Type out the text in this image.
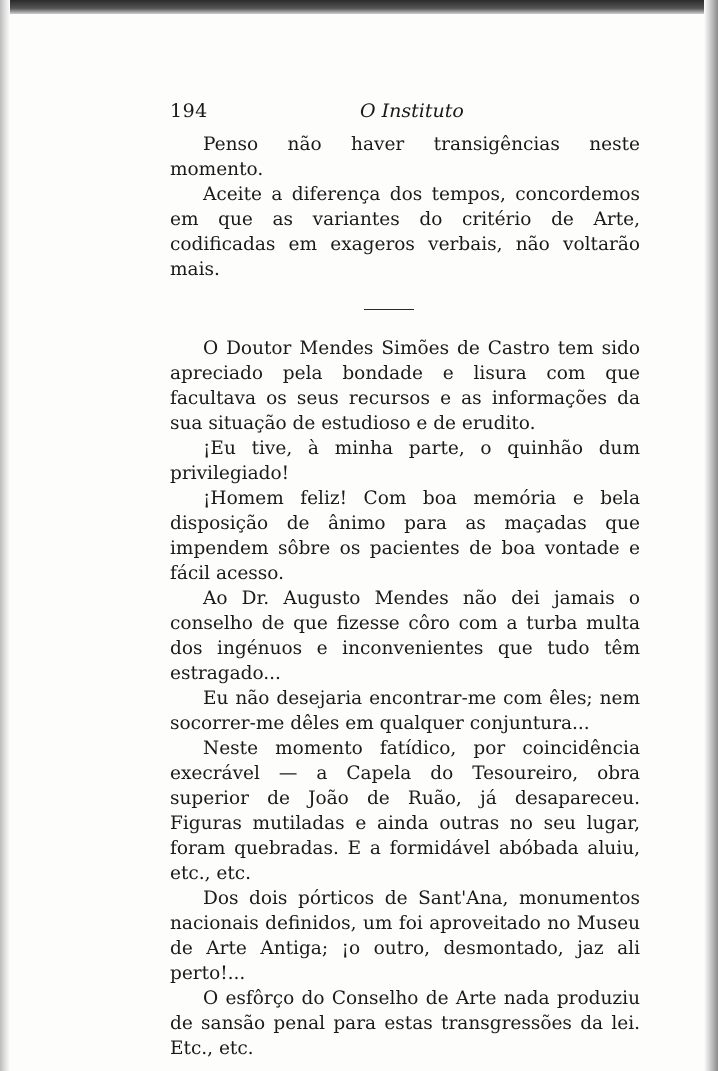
194	O Instituto

Penso não haver transigências neste momento.

Aceite a diferença dos tempos, concordemos em que as variantes do critério de Arte, codificadas em exageros verbais, não voltarão mais.

O Doutor Mendes Simões de Castro tem sido apreciado pela bondade e lisura com que facultava os seus recursos e as informações da sua situação de estudioso e de erudito.

¡Eu tive, à minha parte, o quinhão dum privilegiado!

¡Homem feliz! Com boa memória e bela disposição de ânimo para as maçadas que impendem sôbre os pacientes de boa vontade e fácil acesso.

Ao Dr. Augusto Mendes não dei jamais o conselho de que fizesse côro com a turba multa dos ingénuos e inconvenientes que tudo têm estragado...

Eu não desejaria encontrar-me com êles; nem socorrer-me dêles em qualquer conjuntura...

Neste momento fatídico, por coincidência execrável — a Capela do Tesoureiro, obra superior de João de Ruão, já desapareceu. Figuras mutiladas e ainda outras no seu lugar, foram quebradas. E a formidável abóbada aluiu, etc., etc.

Dos dois pórticos de Sant'Ana, monumentos nacionais definidos, um foi aproveitado no Museu de Arte Antiga; ¡o outro, desmontado, jaz ali perto!...

O esfôrço do Conselho de Arte nada produziu de sansão penal para estas transgressões da lei. Etc., etc.
